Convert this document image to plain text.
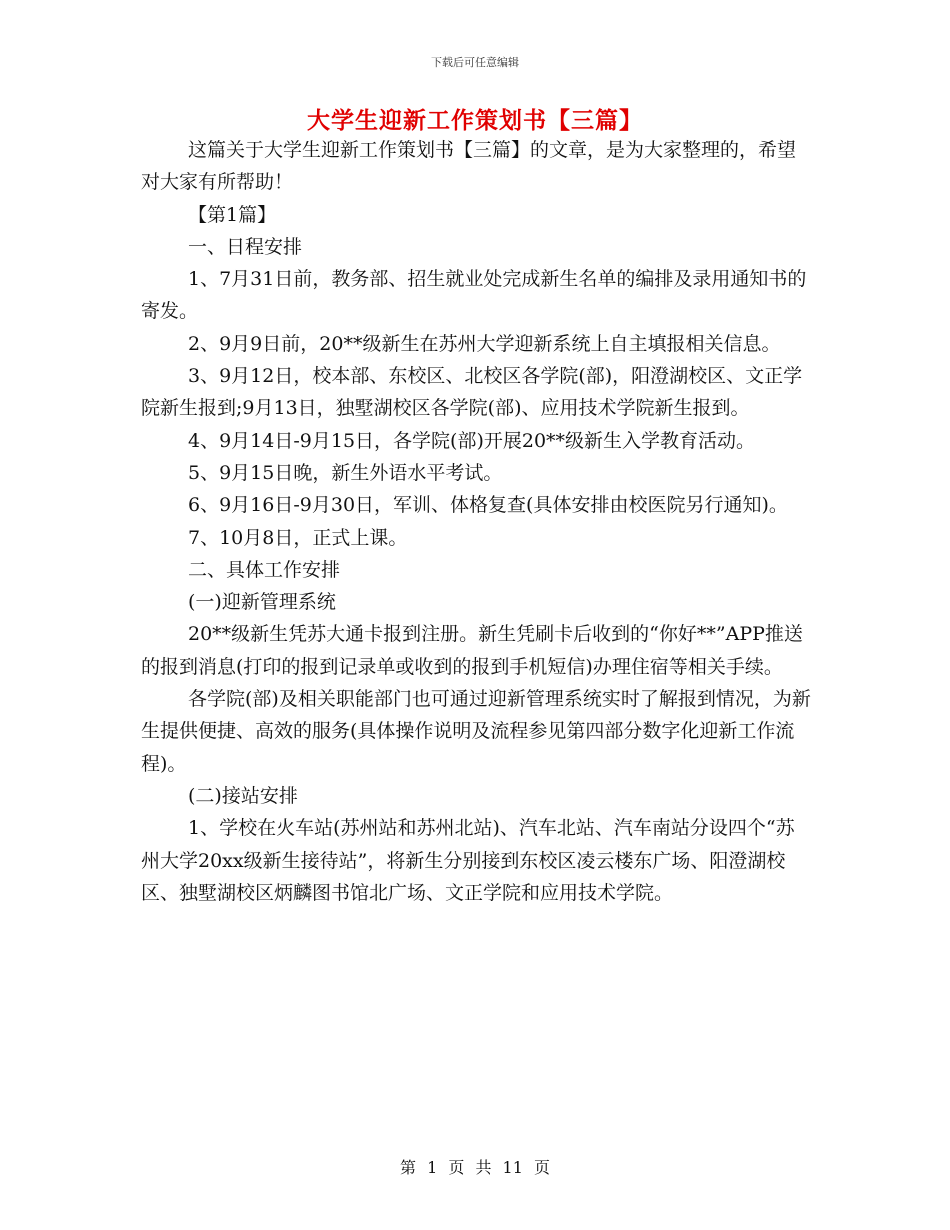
下载后可任意编辑
大学生迎新工作策划书【三篇】

这篇关于大学生迎新工作策划书【三篇】的文章，是为大家整理的，希望对大家有所帮助！

【第1篇】

一、日程安排

1、7月31日前，教务部、招生就业处完成新生名单的编排及录用通知书的寄发。

2、9月9日前，20**级新生在苏州大学迎新系统上自主填报相关信息。

3、9月12日，校本部、东校区、北校区各学院(部)，阳澄湖校区、文正学院新生报到;9月13日，独墅湖校区各学院(部)、应用技术学院新生报到。

4、9月14日-9月15日，各学院(部)开展20**级新生入学教育活动。

5、9月15日晚，新生外语水平考试。

6、9月16日-9月30日，军训、体格复查(具体安排由校医院另行通知)。

7、10月8日，正式上课。

二、具体工作安排

(一)迎新管理系统

20**级新生凭苏大通卡报到注册。新生凭刷卡后收到的“你好**”APP推送的报到消息(打印的报到记录单或收到的报到手机短信)办理住宿等相关手续。

各学院(部)及相关职能部门也可通过迎新管理系统实时了解报到情况，为新生提供便捷、高效的服务(具体操作说明及流程参见第四部分数字化迎新工作流程)。

(二)接站安排

1、学校在火车站(苏州站和苏州北站)、汽车北站、汽车南站分设四个“苏州大学20xx级新生接待站”，将新生分别接到东校区凌云楼东广场、阳澄湖校区、独墅湖校区炳麟图书馆北广场、文正学院和应用技术学院。

第 1 页 共 11 页
